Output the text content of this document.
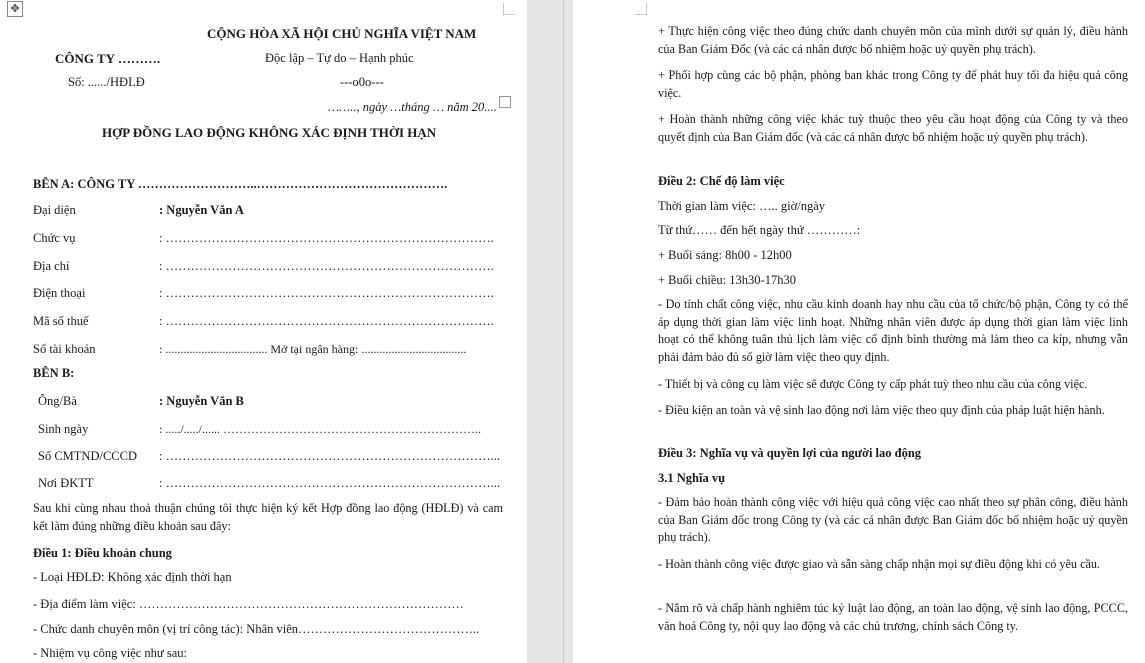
✥
CỘNG HÒA XÃ HỘI CHỦ NGHĨA VIỆT NAM
CÔNG TY ……….	Độc lập – Tự do – Hạnh phúc
Số: ....../HĐLĐ	---o0o---
…….., ngày …tháng … năm 20....
HỢP ĐỒNG LAO ĐỘNG KHÔNG XÁC ĐỊNH THỜI HẠN
BÊN A: CÔNG TY ………………………..……………………………………….
Đại diện	: Nguyễn Văn A
Chức vụ	: …………………………………………………………………….
Địa chỉ	: …………………………………………………………………….
Điện thoại	: …………………………………………………………………….
Mã số thuế	: …………………………………………………………………….
Số tài khoản	: .................................. Mở tại ngân hàng: ...................................
BÊN B:
Ông/Bà	: Nguyễn Văn B
Sinh ngày	: ...../...../...... ………………………………………………………..
Số CMTND/CCCD : ……………………………………………………………………...
Nơi ĐKTT	: ……………………………………………………………………...
Sau khi cùng nhau thoả thuận chúng tôi thực hiện ký kết Hợp đồng lao động (HĐLĐ) và cam kết làm đúng những điều khoản sau đây:
Điều 1: Điều khoản chung
- Loại HĐLĐ: Không xác định thời hạn
- Địa điểm làm việc: ……………………………………………………………………
- Chức danh chuyên môn (vị trí công tác): Nhân viên……………………………………..
- Nhiệm vụ công việc như sau:
+ Thực hiện công việc theo đúng chức danh chuyên môn của mình dưới sự quản lý, điều hành của Ban Giám Đốc (và các cá nhân được bổ nhiệm hoặc uỷ quyền phụ trách).
+ Phối hợp cùng các bộ phận, phòng ban khác trong Công ty để phát huy tối đa hiệu quả công việc.
+ Hoàn thành những công việc khác tuỳ thuộc theo yêu cầu hoạt động của Công ty và theo quyết định của Ban Giám đốc (và các cá nhân được bổ nhiệm hoặc uỷ quyền phụ trách).
Điều 2: Chế độ làm việc
Thời gian làm việc: ….. giờ/ngày
Từ thứ…… đến hết ngày thứ …………:
+ Buổi sáng: 8h00 - 12h00
+ Buổi chiều: 13h30-17h30
- Do tính chất công việc, nhu cầu kinh doanh hay nhu cầu của tổ chức/bộ phận, Công ty có thể áp dụng thời gian làm việc linh hoạt. Những nhân viên được áp dụng thời gian làm việc linh hoạt có thể không tuân thủ lịch làm việc cố định bình thường mà làm theo ca kíp, nhưng vẫn phải đảm bảo đủ số giờ làm việc theo quy định.
- Thiết bị và công cụ làm việc sẽ được Công ty cấp phát tuỳ theo nhu cầu của công việc.
- Điều kiện an toàn và vệ sinh lao động nơi làm việc theo quy định của pháp luật hiện hành.
Điều 3: Nghĩa vụ và quyền lợi của người lao động
3.1 Nghĩa vụ
- Đảm bảo hoàn thành công việc với hiệu quả công việc cao nhất theo sự phân công, điều hành của Ban Giám đốc trong Công ty (và các cá nhân được Ban Giám đốc bổ nhiệm hoặc uỷ quyền phụ trách).
- Hoàn thành công việc được giao và sẵn sàng chấp nhận mọi sự điều động khi có yêu cầu.
- Nắm rõ và chấp hành nghiêm túc kỷ luật lao động, an toàn lao động, vệ sinh lao động, PCCC, văn hoá Công ty, nội quy lao động và các chủ trương, chính sách Công ty.
